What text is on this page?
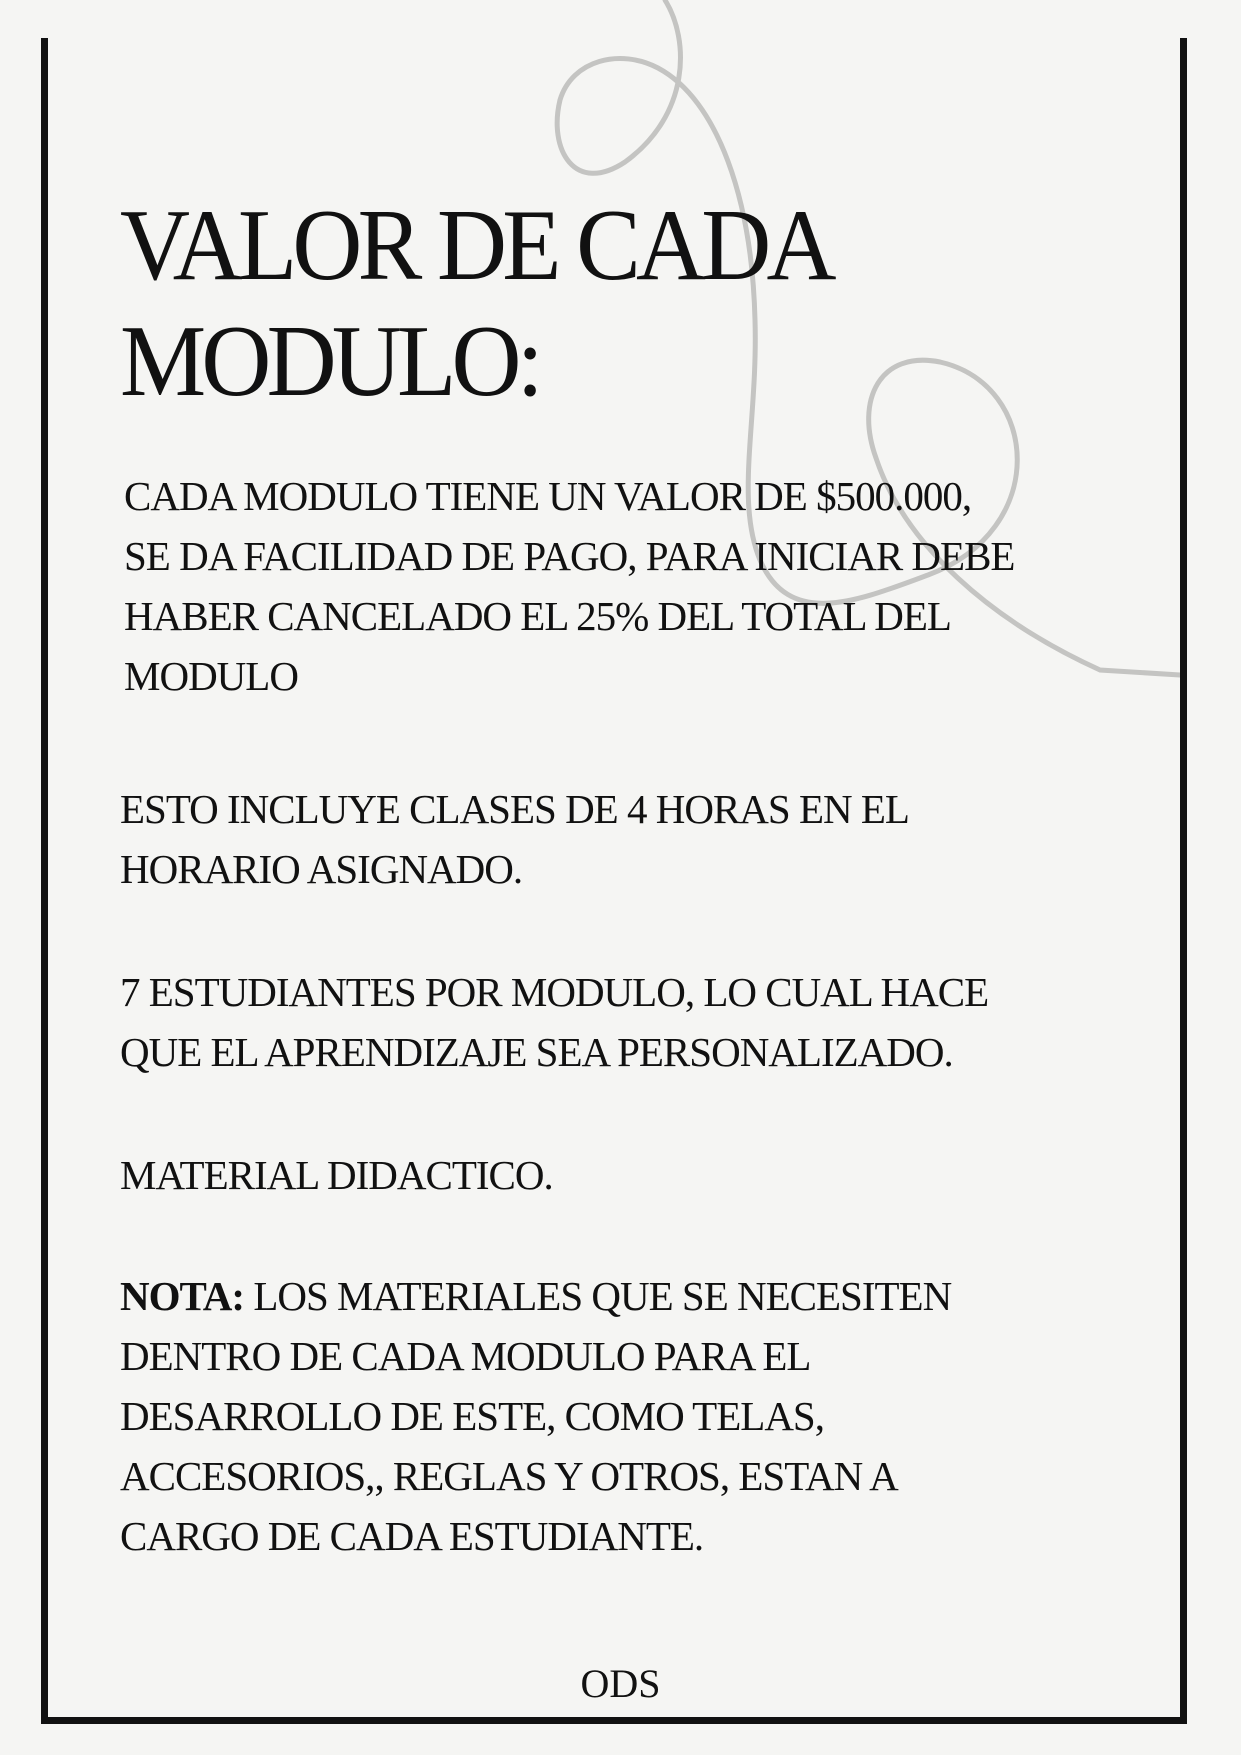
VALOR DE CADA
MODULO:

CADA MODULO TIENE UN VALOR DE $500.000,
SE DA FACILIDAD DE PAGO, PARA INICIAR DEBE
HABER CANCELADO EL 25% DEL TOTAL DEL
MODULO

ESTO INCLUYE CLASES DE 4 HORAS EN EL
HORARIO ASIGNADO.

7 ESTUDIANTES POR MODULO, LO CUAL HACE
QUE EL APRENDIZAJE SEA PERSONALIZADO.

MATERIAL DIDACTICO.

NOTA: LOS MATERIALES QUE SE NECESITEN
DENTRO DE CADA MODULO PARA EL
DESARROLLO DE ESTE, COMO TELAS,
ACCESORIOS,, REGLAS Y OTROS, ESTAN A
CARGO DE CADA ESTUDIANTE.

ODS
